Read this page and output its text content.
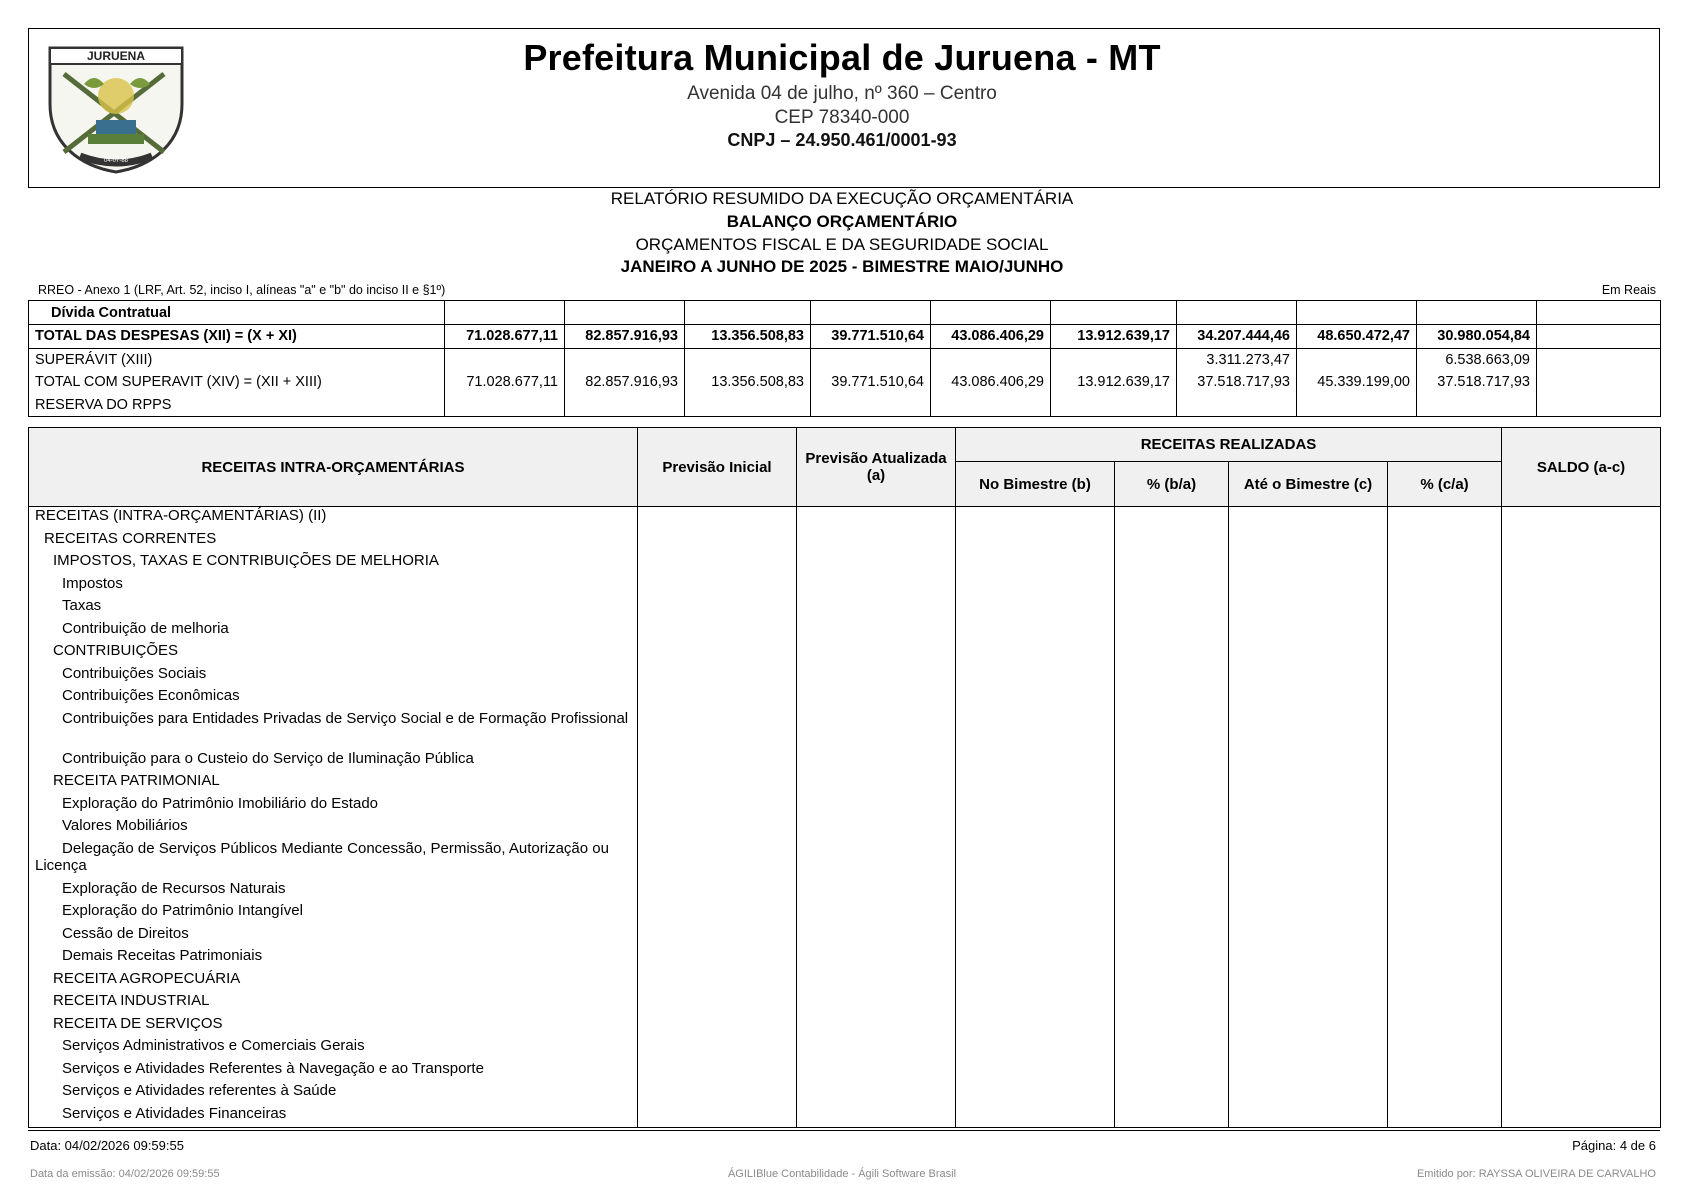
JURUENA
04-07-88
Prefeitura Municipal de Juruena - MT
Avenida 04 de julho, nº 360 – Centro
CEP 78340-000
CNPJ – 24.950.461/0001-93
RELATÓRIO RESUMIDO DA EXECUÇÃO ORÇAMENTÁRIA
BALANÇO ORÇAMENTÁRIO
ORÇAMENTOS FISCAL E DA SEGURIDADE SOCIAL
JANEIRO A JUNHO DE 2025 - BIMESTRE MAIO/JUNHO
RREO - Anexo 1 (LRF, Art. 52, inciso I, alíneas "a" e "b" do inciso II e §1º)	Em Reais
Dívida Contratual										
TOTAL DAS DESPESAS (XII) = (X + XI)	71.028.677,11	82.857.916,93	13.356.508,83	39.771.510,64	43.086.406,29	13.912.639,17	34.207.444,46	48.650.472,47	30.980.054,84	
SUPERÁVIT (XIII)							3.311.273,47		6.538.663,09	
TOTAL COM SUPERAVIT (XIV) = (XII + XIII)	71.028.677,11	82.857.916,93	13.356.508,83	39.771.510,64	43.086.406,29	13.912.639,17	37.518.717,93	45.339.199,00	37.518.717,93	
RESERVA DO RPPS										
RECEITAS INTRA-ORÇAMENTÁRIAS	Previsão Inicial	Previsão Atualizada (a)	RECEITAS REALIZADAS				SALDO (a-c)
			No Bimestre (b)	% (b/a)	Até o Bimestre (c)	% (c/a)	
RECEITAS (INTRA-ORÇAMENTÁRIAS) (II)							
RECEITAS CORRENTES							
IMPOSTOS, TAXAS E CONTRIBUIÇÕES DE MELHORIA							
Impostos							
Taxas							
Contribuição de melhoria							
CONTRIBUIÇÕES							
Contribuições Sociais							
Contribuições Econômicas							
Contribuições para Entidades Privadas de Serviço Social e de Formação Profissional							
Contribuição para o Custeio do Serviço de Iluminação Pública							
RECEITA PATRIMONIAL							
Exploração do Patrimônio Imobiliário do Estado							
Valores Mobiliários							
Delegação de Serviços Públicos Mediante Concessão, Permissão, Autorização ou Licença							
Exploração de Recursos Naturais							
Exploração do Patrimônio Intangível							
Cessão de Direitos							
Demais Receitas Patrimoniais							
RECEITA AGROPECUÁRIA							
RECEITA INDUSTRIAL							
RECEITA DE SERVIÇOS							
Serviços Administrativos e Comerciais Gerais							
Serviços e Atividades Referentes à Navegação e ao Transporte							
Serviços e Atividades referentes à Saúde							
Serviços e Atividades Financeiras							
Data: 04/02/2026 09:59:55	Página: 4 de 6
Data da emissão: 04/02/2026 09:59:55	ÁGILIBlue Contabilidade - Ágili Software Brasil	Emitido por: RAYSSA OLIVEIRA DE CARVALHO
